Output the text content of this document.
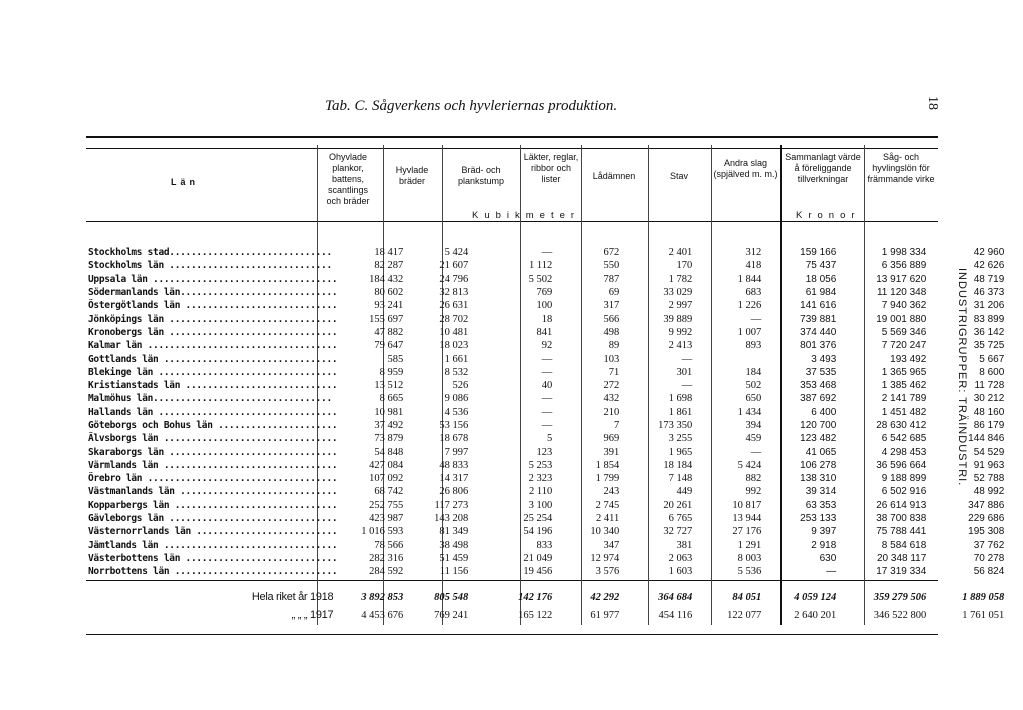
Tab. C. Sågverkens och hyvleriernas produktion.	18
INDUSTRIGRUPPER: TRÄINDUSTRI.
Län
Ohyvlade plankor, battens, scantlings och bräder
Hyvlade bräder
Bräd- och plankstump
Läkter, reglar, ribbor och lister	Lådämnen	Stav
Andra slag (spjälved m. m.)
Sammanlagt värde å föreliggande tillverkningar
Såg- och hyvlingslön för främmande virke
Kubikmeter	Kronor
Stockholms stad..............................	18 417	5 424	—	672	2 401	312	159 166	1 998 334	42 960
Stockholms län ..............................	82 287	21 607	1 112	550	170	418	75 437	6 356 889	42 626
Uppsala län ..................................	184 432	24 796	5 502	787	1 782	1 844	18 056	13 917 620	48 719
Södermanlands län.............................	80 602	32 813	769	69	33 029	683	61 984	11 120 348	46 373
Östergötlands län ............................	93 241	26 631	100	317	2 997	1 226	141 616	7 940 362	31 206
Jönköpings län ...............................	155 697	28 702	18	566	39 889	—	739 881	19 001 880	83 899
Kronobergs län ...............................	47 882	10 481	841	498	9 992	1 007	374 440	5 569 346	36 142
Kalmar län ...................................	79 647	18 023	92	89	2 413	893	801 376	7 720 247	35 725
Gottlands län ................................	585	1 661	—	103	—		3 493	193 492	5 667
Blekinge län .................................	8 959	8 532	—	71	301	184	37 535	1 365 965	8 600
Kristianstads län ............................	13 512	526	40	272	—	502	353 468	1 385 462	11 728
Malmöhus län.................................	8 665	9 086	—	432	1 698	650	387 692	2 141 789	30 212
Hallands län .................................	10 981	4 536	—	210	1 861	1 434	6 400	1 451 482	48 160
Göteborgs och Bohus län ......................	37 492	53 156	—	7	173 350	394	120 700	28 630 412	86 179
Älvsborgs län ................................	73 879	18 678	5	969	3 255	459	123 482	6 542 685	144 846
Skaraborgs län ...............................	54 848	7 997	123	391	1 965	—	41 065	4 298 453	54 529
Värmlands län ................................	427 084	48 833	5 253	1 854	18 184	5 424	106 278	36 596 664	91 963
Örebro län ...................................	107 092	14 317	2 323	1 799	7 148	882	138 310	9 188 899	52 788
Västmanlands län .............................	68 742	26 806	2 110	243	449	992	39 314	6 502 916	48 992
Kopparbergs län ..............................	252 755	117 273	3 100	2 745	20 261	10 817	63 353	26 614 913	347 886
Gävleborgs län ...............................	423 987	143 208	25 254	2 411	6 765	13 944	253 133	38 700 838	229 686
Västernorrlands län ..........................	1 016 593	81 349	54 196	10 340	32 727	27 176	9 397	75 788 441	195 308
Jämtlands län ................................	78 566	38 498	833	347	381	1 291	2 918	8 584 618	37 762
Västerbottens län ............................	282 316	51 459	21 049	12 974	2 063	8 003	630	20 348 117	70 278
Norrbottens län ..............................	284 592	11 156	19 456	3 576	1 603	5 536	—	17 319 334	56 824

Hela riket år 1918	3 892 853	805 548	142 176	42 292	364 684	84 051	4 059 124	359 279 506	1 889 058
„ „ „ 1917	4 453 676	769 241	165 122	61 977	454 116	122 077	2 640 201	346 522 800	1 761 051
